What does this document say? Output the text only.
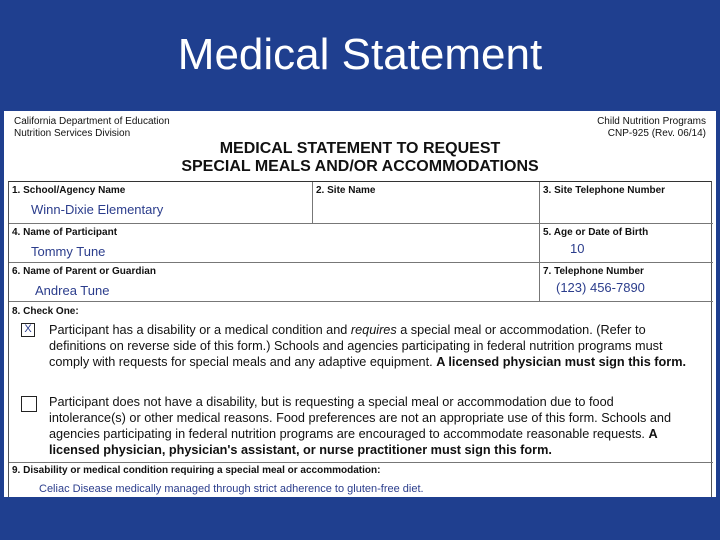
Medical Statement
California Department of Education
Nutrition Services Division
Child Nutrition Programs
CNP-925 (Rev. 06/14)
MEDICAL STATEMENT TO REQUEST
SPECIAL MEALS AND/OR ACCOMMODATIONS
1. School/Agency Name
Winn-Dixie Elementary
2. Site Name	3. Site Telephone Number
4. Name of Participant
Tommy Tune
5. Age or Date of Birth
10
6. Name of Parent or Guardian
Andrea Tune
7. Telephone Number
(123) 456-7890
8. Check One:
X Participant has a disability or a medical condition and requires a special meal or accommodation. (Refer to definitions on reverse side of this form.) Schools and agencies participating in federal nutrition programs must comply with requests for special meals and any adaptive equipment. A licensed physician must sign this form.
Participant does not have a disability, but is requesting a special meal or accommodation due to food intolerance(s) or other medical reasons. Food preferences are not an appropriate use of this form. Schools and agencies participating in federal nutrition programs are encouraged to accommodate reasonable requests. A licensed physician, physician's assistant, or nurse practitioner must sign this form.
9. Disability or medical condition requiring a special meal or accommodation:
Celiac Disease medically managed through strict adherence to gluten-free diet.
